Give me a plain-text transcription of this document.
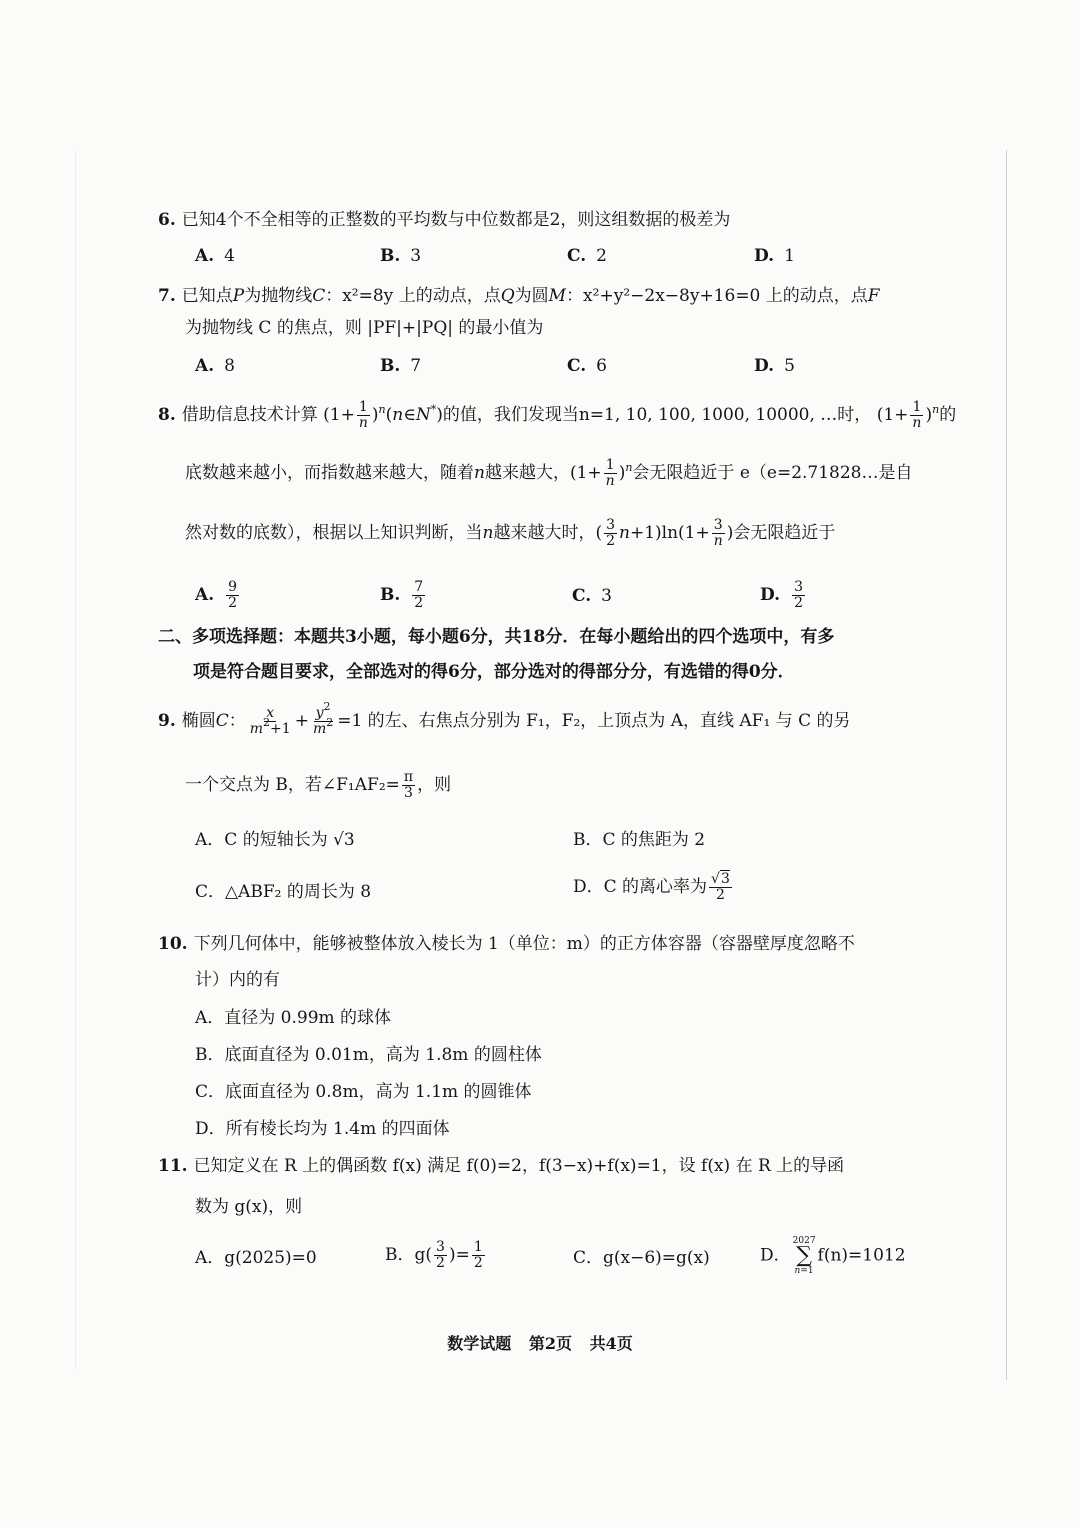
6. 已知4个不全相等的正整数的平均数与中位数都是2，则这组数据的极差为
A. 4	B. 3	C. 2	D. 1
7. 已知点P为抛物线C：x²=8y 上的动点，点Q为圆M：x²+y²−2x−8y+16=0 上的动点，点F
为抛物线 C 的焦点，则 |PF|+|PQ| 的最小值为
A. 8	B. 7	C. 6	D. 5
8. 借助信息技术计算 ($1+ \frac{1}{n}$ )$^n(n\in N^*)$的值，我们发现当n=1, 10, 100, 1000, 10000, …时， $(1+ \frac{1}{n} )^n$的
底数越来越小，而指数越来越大，随着n越来越大，$(1+ \frac{1}{n} )^n$会无限趋近于 e（e=2.71828…是自
然对数的底数），根据以上知识判断，当n越来越大时，( $\frac{3}{2} n+1)\ln(1+ \frac{3}{n}$ )会无限趋近于
A. $\frac{9}{2}$	B. $\frac{7}{2}$	C. 3	D. $\frac{3}{2}$
二、多项选择题：本题共3小题，每小题6分，共18分．在每小题给出的四个选项中，有多
项是符合题目要求，全部选对的得6分，部分选对的得部分分，有选错的得0分．
9. 椭圆C： $\frac{x}{m^2+1} + \frac{y^2}{m^2} =1$ 的左、右焦点分别为 F₁，F₂，上顶点为 A，直线 AF₁ 与 C 的另
一个交点为 B，若∠F₁AF₂= $\frac{\pi}{3}$ ，则
A．C 的短轴长为 √3	B．C 的焦距为 2
C．△ABF₂ 的周长为 8	D．C 的离心率为 $\frac{√3}{2}$
10. 下列几何体中，能够被整体放入棱长为 1（单位：m）的正方体容器（容器壁厚度忽略不
计）内的有
A．直径为 0.99m 的球体
B．底面直径为 0.01m，高为 1.8m 的圆柱体
C．底面直径为 0.8m，高为 1.1m 的圆锥体
D．所有棱长均为 1.4m 的四面体
11. 已知定义在 R 上的偶函数 f(x) 满足 f(0)=2，f(3−x)+f(x)=1，设 f(x) 在 R 上的导函
数为 g(x)，则
A．g(2025)=0	B．$g( \frac{3}{2}$ )= $\frac{1}{2}$	C．g(x−6)=g(x)	D．
2027
∑
n=1
f(n)=1012
数学试题 第2页 共4页
